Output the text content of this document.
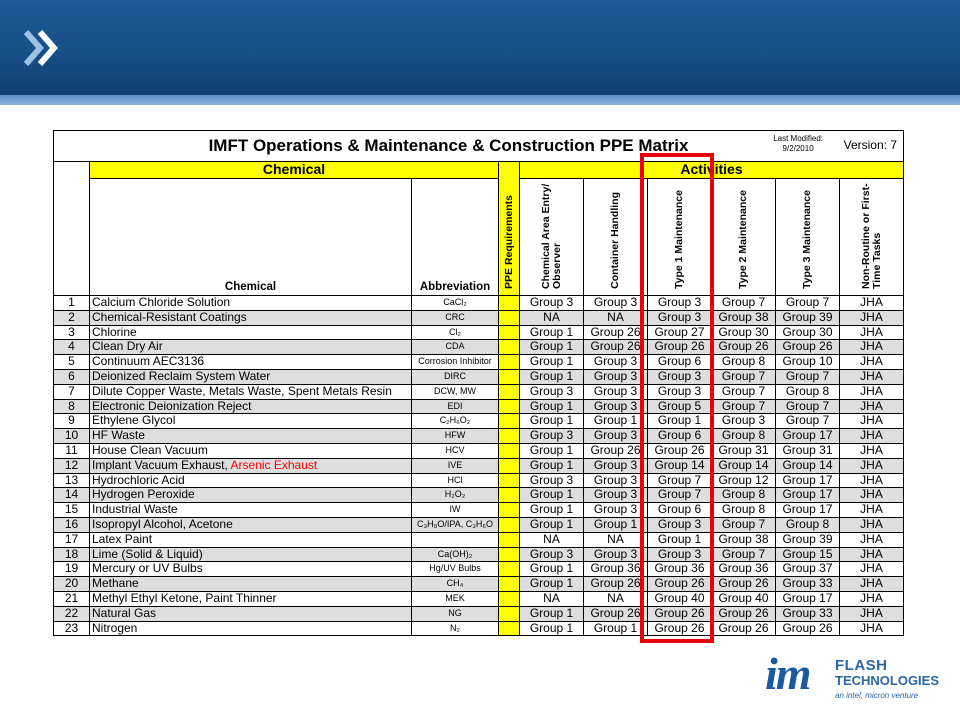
IMFT Operations & Maintenance & Construction PPE Matrix Last Modified:
9/2/2010 Version: 7									

	Chemical		PPE Requirements	Activities					
	Chemical	Abbreviation		Chemical Area Entry/ Observer	Container Handling	Type 1 Maintenance	Type 2 Maintenance	Type 3 Maintenance	Non-Routine or First-Time Tasks
1	Calcium Chloride Solution	CaCl₂		Group 3	Group 3	Group 3	Group 7	Group 7	JHA
2	Chemical-Resistant Coatings	CRC		NA	NA	Group 3	Group 38	Group 39	JHA
3	Chlorine	Cl₂		Group 1	Group 26	Group 27	Group 30	Group 30	JHA
4	Clean Dry Air	CDA		Group 1	Group 26	Group 26	Group 26	Group 26	JHA
5	Continuum AEC3136	Corrosion Inhibitor		Group 1	Group 3	Group 6	Group 8	Group 10	JHA
6	Deionized Reclaim System Water	DIRC		Group 1	Group 3	Group 3	Group 7	Group 7	JHA
7	Dilute Copper Waste, Metals Waste, Spent Metals Resin	DCW, MW		Group 3	Group 3	Group 3	Group 7	Group 8	JHA
8	Electronic Deionization Reject	EDI		Group 1	Group 3	Group 5	Group 7	Group 7	JHA
9	Ethylene Glycol	C₂H₆O₂		Group 1	Group 1	Group 1	Group 3	Group 7	JHA
10	HF Waste	HFW		Group 3	Group 3	Group 6	Group 8	Group 17	JHA
11	House Clean Vacuum	HCV		Group 1	Group 26	Group 26	Group 31	Group 31	JHA
12	Implant Vacuum Exhaust, Arsenic Exhaust	IVE		Group 1	Group 3	Group 14	Group 14	Group 14	JHA
13	Hydrochloric Acid	HCl		Group 3	Group 3	Group 7	Group 12	Group 17	JHA
14	Hydrogen Peroxide	H₂O₂		Group 1	Group 3	Group 7	Group 8	Group 17	JHA
15	Industrial Waste	IW		Group 1	Group 3	Group 6	Group 8	Group 17	JHA
16	Isopropyl Alcohol, Acetone	C₃H₈O/IPA, C₃H₆O		Group 1	Group 1	Group 3	Group 7	Group 8	JHA
17	Latex Paint			NA	NA	Group 1	Group 38	Group 39	JHA
18	Lime (Solid & Liquid)	Ca(OH)₂		Group 3	Group 3	Group 3	Group 7	Group 15	JHA
19	Mercury or UV Bulbs	Hg/UV Bulbs		Group 1	Group 36	Group 36	Group 36	Group 37	JHA
20	Methane	CH₄		Group 1	Group 26	Group 26	Group 26	Group 33	JHA
21	Methyl Ethyl Ketone, Paint Thinner	MEK		NA	NA	Group 40	Group 40	Group 17	JHA
22	Natural Gas	NG		Group 1	Group 26	Group 26	Group 26	Group 33	JHA
23	Nitrogen	N₂		Group 1	Group 1	Group 26	Group 26	Group 26	JHA
im FLASH
TECHNOLOGIES
an intel, micron venture
